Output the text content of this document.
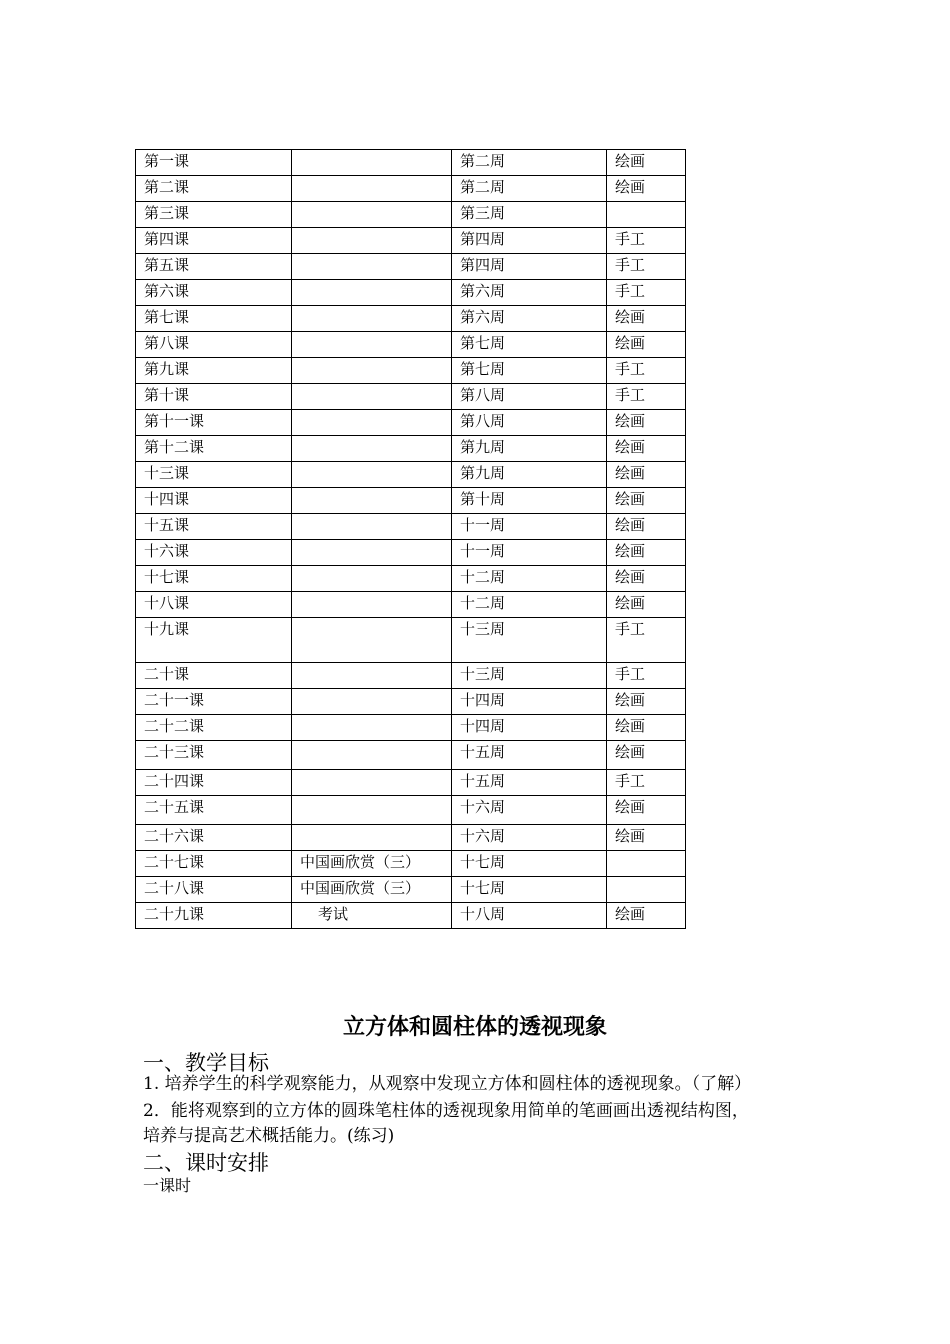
第一课		第二周	绘画
第二课		第二周	绘画
第三课		第三周	
第四课		第四周	手工
第五课		第四周	手工
第六课		第六周	手工
第七课		第六周	绘画
第八课		第七周	绘画
第九课		第七周	手工
第十课		第八周	手工
第十一课		第八周	绘画
第十二课		第九周	绘画
十三课		第九周	绘画
十四课		第十周	绘画
十五课		十一周	绘画
十六课		十一周	绘画
十七课		十二周	绘画
十八课		十二周	绘画
十九课		十三周	手工
二十课		十三周	手工
二十一课		十四周	绘画
二十二课		十四周	绘画
二十三课		十五周	绘画
二十四课		十五周	手工
二十五课		十六周	绘画
二十六课		十六周	绘画
二十七课	中国画欣赏（三）	十七周	
二十八课	中国画欣赏（三）	十七周	
二十九课	考试	十八周	绘画
立方体和圆柱体的透视现象

一、教学目标

1. 培养学生的科学观察能力，从观察中发现立方体和圆柱体的透视现象。（了解）

2．能将观察到的立方体的圆珠笔柱体的透视现象用简单的笔画画出透视结构图，

培养与提高艺术概括能力。(练习)

二、课时安排

一课时
